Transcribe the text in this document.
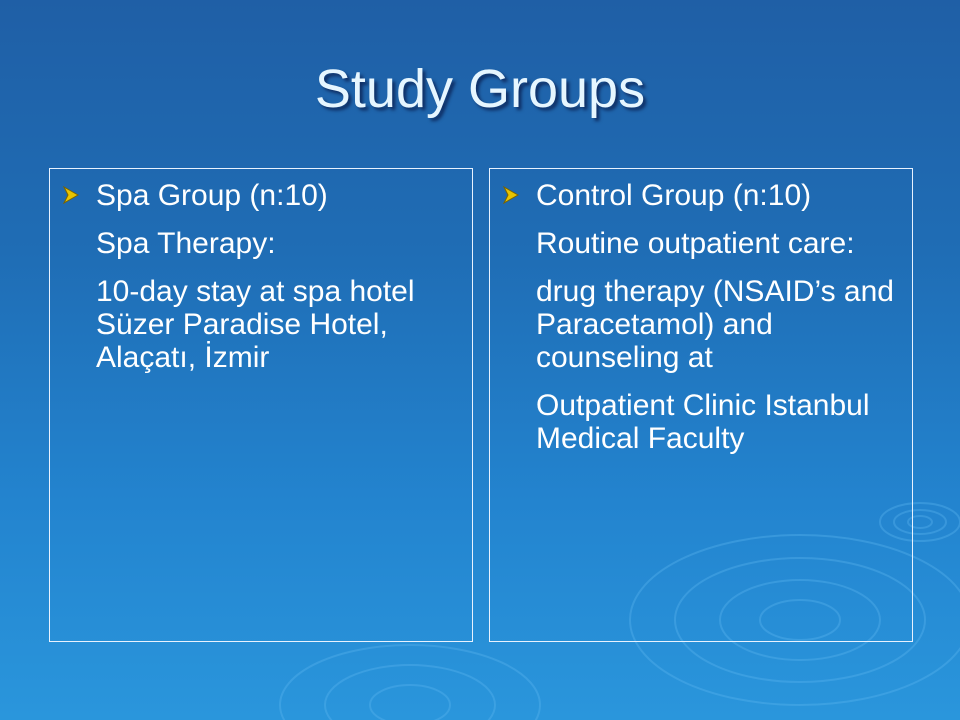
Study Groups
Spa Group (n:10)
Spa Therapy:
10-day stay at spa hotel Süzer Paradise Hotel, Alaçatı, İzmir
Control Group (n:10)
Routine outpatient care:
drug therapy (NSAID’s and Paracetamol) and counseling at
Outpatient Clinic Istanbul Medical Faculty
